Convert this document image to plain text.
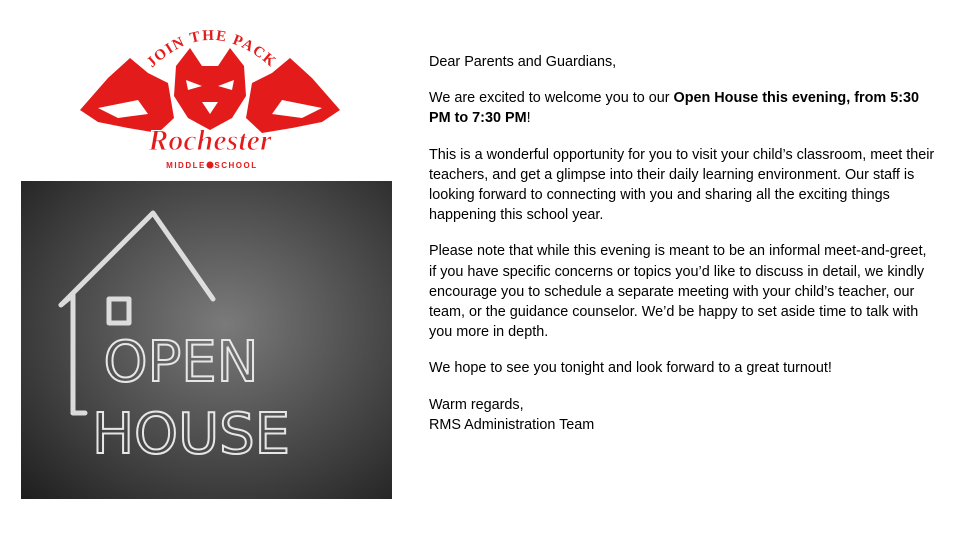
JOIN THE PACK
Rochester
MIDDLE SCHOOL
OPEN
HOUSE

Dear Parents and Guardians,

We are excited to welcome you to our Open House this evening, from 5:30 PM to 7:30 PM!

This is a wonderful opportunity for you to visit your child’s classroom, meet their teachers, and get a glimpse into their daily learning environment. Our staff is looking forward to connecting with you and sharing all the exciting things happening this school year.

Please note that while this evening is meant to be an informal meet-and-greet, if you have specific concerns or topics you’d like to discuss in detail, we kindly encourage you to schedule a separate meeting with your child’s teacher, our team, or the guidance counselor. We’d be happy to set aside time to talk with you more in depth.

We hope to see you tonight and look forward to a great turnout!

Warm regards,

RMS Administration Team
